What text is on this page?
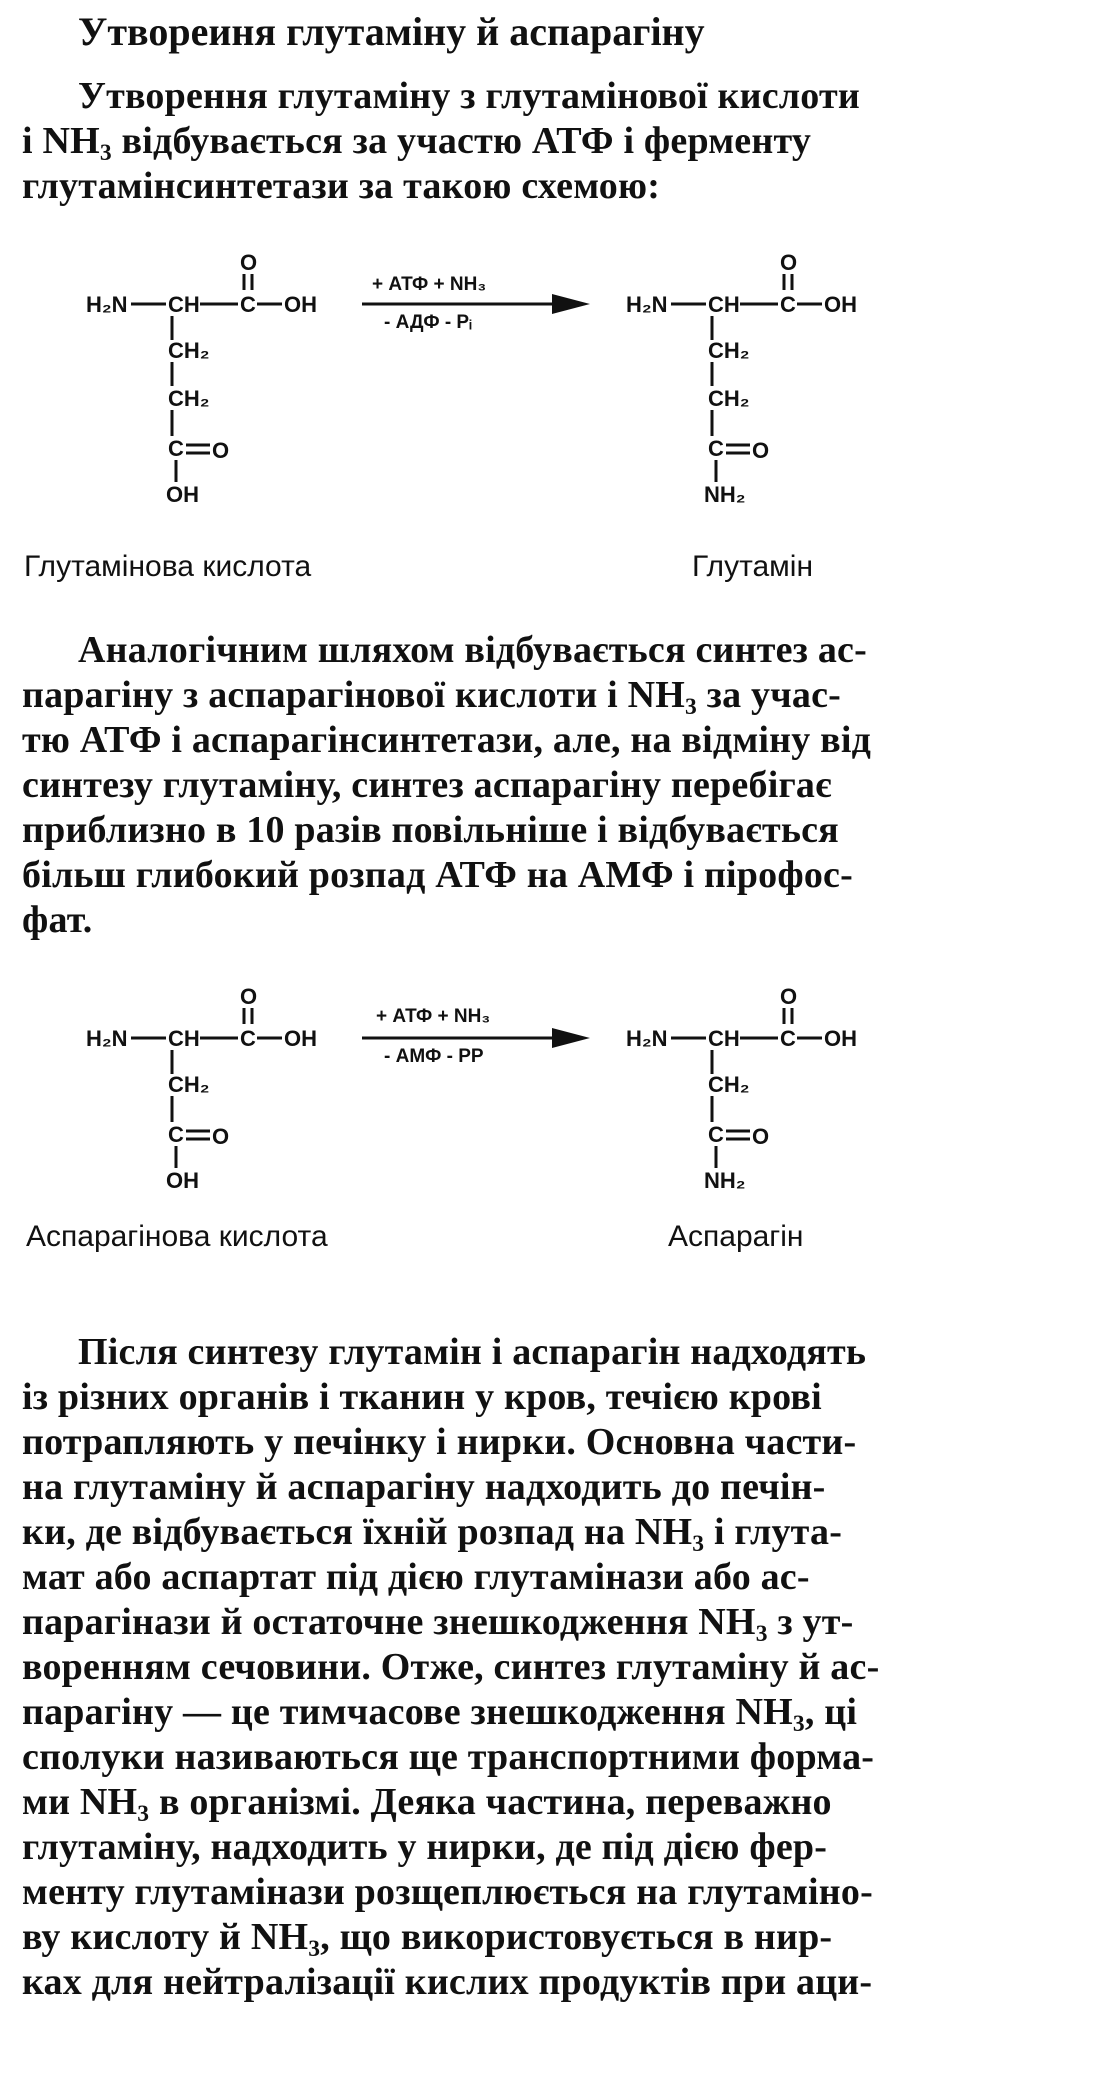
Утвореиня глутаміну й аспарагіну
Утворення глутаміну з глутамінової кислоти
і $NH_3$ відбувається за участю АТФ і ферменту
глутамінсинтетази за такою схемою:
H₂N CH C OH
O
CH₂
CH₂
C O
OH
+ АТФ + NH₃
- АДФ - Pᵢ
H₂N CH C OH
O
CH₂
CH₂
C O
NH₂
Глутамінова кислота	Глутамін
Аналогічним шляхом відбувається синтез ас-
парагіну з аспарагінової кислоти і $NH_3$ за учас-
тю АТФ і аспарагінсинтетази, але, на відміну від
синтезу глутаміну, синтез аспарагіну перебігає
приблизно в 10 разів повільніше і відбувається
більш глибокий розпад АТФ на АМФ і пірофос-
фат.
H₂N CH C OH
O
CH₂
C O
OH
+ АТФ + NH₃
- АМФ - PP
H₂N CH C OH
O
CH₂
C O
NH₂
Аспарагінова кислота	Аспарагін
Після синтезу глутамін і аспарагін надходять
із різних органів і тканин у кров, течією крові
потрапляють у печінку і нирки. Основна части-
на глутаміну й аспарагіну надходить до печін-
ки, де відбувається їхній розпад на $NH_3$ і глута-
мат або аспартат під дією глутамінази або ас-
парагінази й остаточне знешкодження $NH_3$ з ут-
воренням сечовини. Отже, синтез глутаміну й ас-
парагіну — це тимчасове знешкодження $NH_3$, ці
сполуки називаються ще транспортними форма-
ми $NH_3$ в організмі. Деяка частина, переважно
глутаміну, надходить у нирки, де під дією фер-
менту глутамінази розщеплюється на глутаміно-
ву кислоту й $NH_3$, що використовується в нир-
ках для нейтралізації кислих продуктів при аци-
